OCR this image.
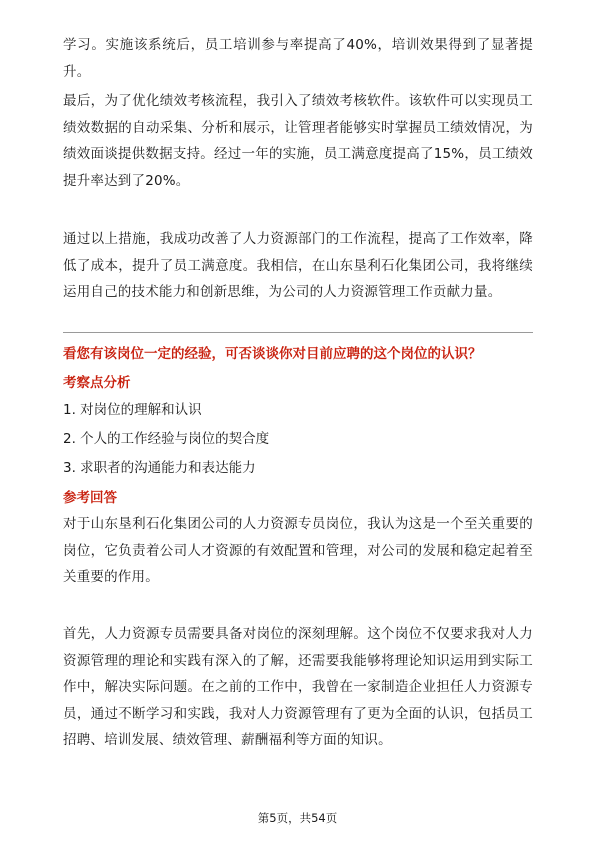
学习。实施该系统后，员工培训参与率提高了40%，培训效果得到了显著提升。

最后，为了优化绩效考核流程，我引入了绩效考核软件。该软件可以实现员工绩效数据的自动采集、分析和展示，让管理者能够实时掌握员工绩效情况，为绩效面谈提供数据支持。经过一年的实施，员工满意度提高了15%，员工绩效提升率达到了20%。

通过以上措施，我成功改善了人力资源部门的工作流程，提高了工作效率，降低了成本，提升了员工满意度。我相信，在山东垦利石化集团公司，我将继续运用自己的技术能力和创新思维，为公司的人力资源管理工作贡献力量。

看您有该岗位一定的经验，可否谈谈你对目前应聘的这个岗位的认识？
考察点分析
1. 对岗位的理解和认识
2. 个人的工作经验与岗位的契合度
3. 求职者的沟通能力和表达能力
参考回答

对于山东垦利石化集团公司的人力资源专员岗位，我认为这是一个至关重要的岗位，它负责着公司人才资源的有效配置和管理，对公司的发展和稳定起着至关重要的作用。

首先，人力资源专员需要具备对岗位的深刻理解。这个岗位不仅要求我对人力资源管理的理论和实践有深入的了解，还需要我能够将理论知识运用到实际工作中，解决实际问题。在之前的工作中，我曾在一家制造企业担任人力资源专员，通过不断学习和实践，我对人力资源管理有了更为全面的认识，包括员工招聘、培训发展、绩效管理、薪酬福利等方面的知识。

第5页，共54页
